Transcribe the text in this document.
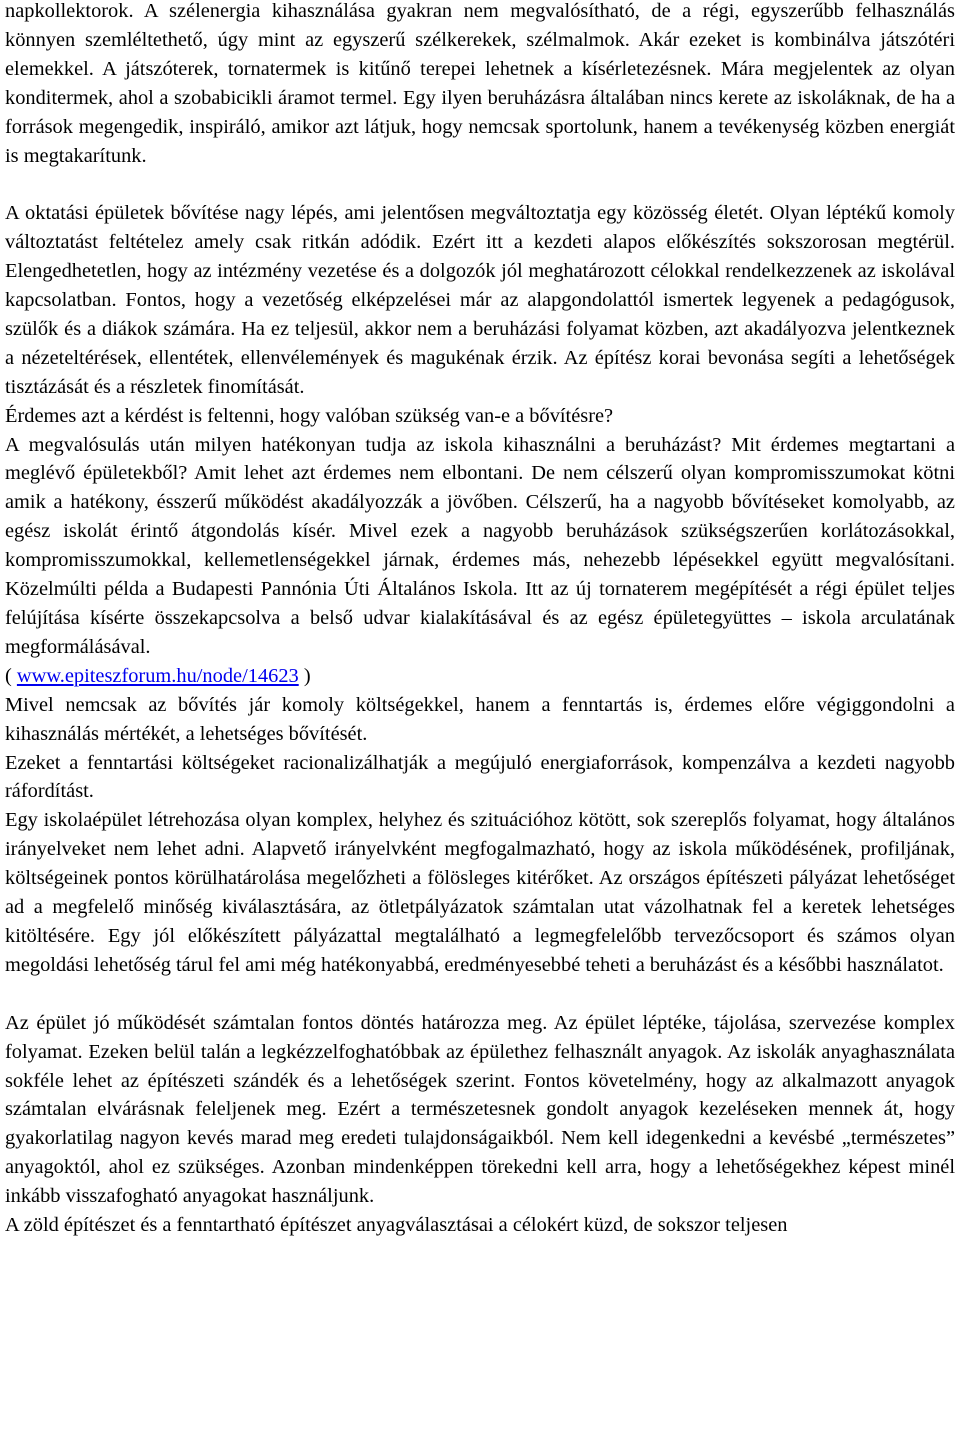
napkollektorok. A szélenergia kihasználása gyakran nem megvalósítható, de a régi, egyszerűbb felhasználás könnyen szemléltethető, úgy mint az egyszerű szélkerekek, szélmalmok. Akár ezeket is kombinálva játszótéri elemekkel. A játszóterek, tornatermek is kitűnő terepei lehetnek a kísérletezésnek. Mára megjelentek az olyan konditermek, ahol a szobabicikli áramot termel. Egy ilyen beruházásra általában nincs kerete az iskoláknak, de ha a források megengedik, inspiráló, amikor azt látjuk, hogy nemcsak sportolunk, hanem a tevékenység közben energiát is megtakarítunk.

A oktatási épületek bővítése nagy lépés, ami jelentősen megváltoztatja egy közösség életét. Olyan léptékű komoly változtatást feltételez amely csak ritkán adódik. Ezért itt a kezdeti alapos előkészítés sokszorosan megtérül. Elengedhetetlen, hogy az intézmény vezetése és a dolgozók jól meghatározott célokkal rendelkezzenek az iskolával kapcsolatban. Fontos, hogy a vezetőség elképzelései már az alapgondolattól ismertek legyenek a pedagógusok, szülők és a diákok számára. Ha ez teljesül, akkor nem a beruházási folyamat közben, azt akadályozva jelentkeznek a nézeteltérések, ellentétek, ellenvélemények és magukénak érzik. Az építész korai bevonása segíti a lehetőségek tisztázását és a részletek finomítását.

Érdemes azt a kérdést is feltenni, hogy valóban szükség van-e a bővítésre?

A megvalósulás után milyen hatékonyan tudja az iskola kihasználni a beruházást? Mit érdemes megtartani a meglévő épületekből? Amit lehet azt érdemes nem elbontani. De nem célszerű olyan kompromisszumokat kötni amik a hatékony, ésszerű működést akadályozzák a jövőben. Célszerű, ha a nagyobb bővítéseket komolyabb, az egész iskolát érintő átgondolás kísér. Mivel ezek a nagyobb beruházások szükségszerűen korlátozásokkal, kompromisszumokkal, kellemetlenségekkel járnak, érdemes más, nehezebb lépésekkel együtt megvalósítani. Közelmúlti példa a Budapesti Pannónia Úti Általános Iskola. Itt az új tornaterem megépítését a régi épület teljes felújítása kísérte összekapcsolva a belső udvar kialakításával és az egész épületegyüttes – iskola arculatának megformálásával.

( www.epiteszforum.hu/node/14623 )

Mivel nemcsak az bővítés jár komoly költségekkel, hanem a fenntartás is, érdemes előre végiggondolni a kihasználás mértékét, a lehetséges bővítését.

Ezeket a fenntartási költségeket racionalizálhatják a megújuló energiaforrások, kompenzálva a kezdeti nagyobb ráfordítást.

Egy iskolaépület létrehozása olyan komplex, helyhez és szituációhoz kötött, sok szereplős folyamat, hogy általános irányelveket nem lehet adni. Alapvető irányelvként megfogalmazható, hogy az iskola működésének, profiljának, költségeinek pontos körülhatárolása megelőzheti a fölösleges kitérőket. Az országos építészeti pályázat lehetőséget ad a megfelelő minőség kiválasztására, az ötletpályázatok számtalan utat vázolhatnak fel a keretek lehetséges kitöltésére. Egy jól előkészített pályázattal megtalálható a legmegfelelőbb tervezőcsoport és számos olyan megoldási lehetőség tárul fel ami még hatékonyabbá, eredményesebbé teheti a beruházást és a későbbi használatot.

Az épület jó működését számtalan fontos döntés határozza meg. Az épület léptéke, tájolása, szervezése komplex folyamat. Ezeken belül talán a legkézzelfoghatóbbak az épülethez felhasznált anyagok. Az iskolák anyaghasználata sokféle lehet az építészeti szándék és a lehetőségek szerint. Fontos követelmény, hogy az alkalmazott anyagok számtalan elvárásnak feleljenek meg. Ezért a természetesnek gondolt anyagok kezeléseken mennek át, hogy gyakorlatilag nagyon kevés marad meg eredeti tulajdonságaikból. Nem kell idegenkedni a kevésbé „természetes” anyagoktól, ahol ez szükséges. Azonban mindenképpen törekedni kell arra, hogy a lehetőségekhez képest minél inkább visszafogható anyagokat használjunk.

A zöld építészet és a fenntartható építészet anyagválasztásai a célokért küzd, de sokszor teljesen
